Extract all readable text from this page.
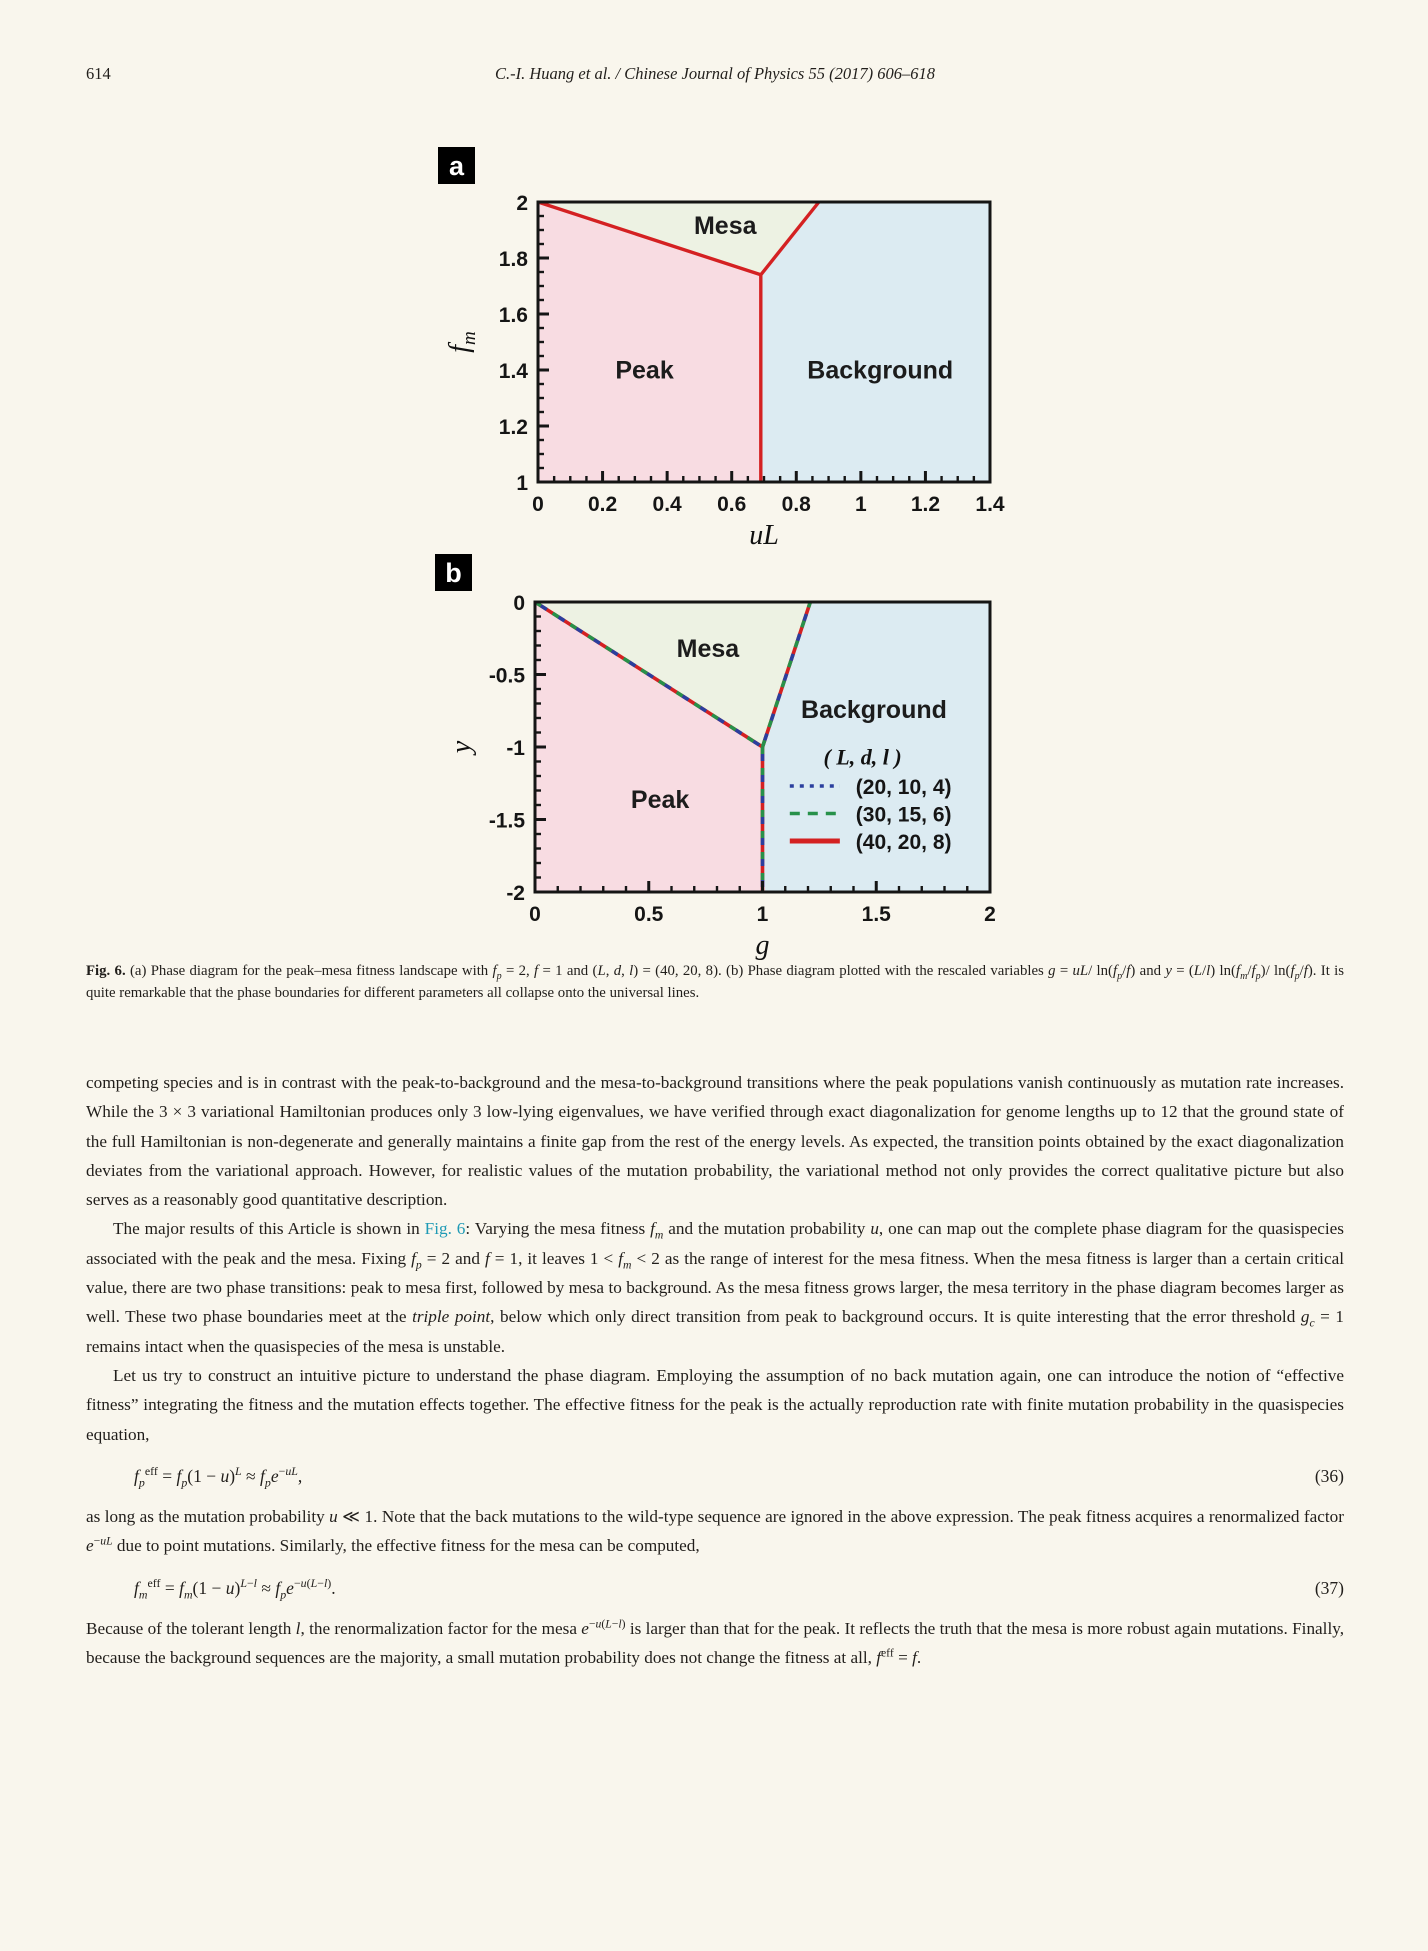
614	C.-I. Huang et al. / Chinese Journal of Physics 55 (2017) 606–618
0 0.2 0.4 0.6 0.8 1 1.2 1.4
1
1.2
1.4
1.6
1.8
2
uL
$f_m$
Peak
Mesa
Background
a
0	0.5	1	1.5	2
0
-0.5
-1
-1.5
-2
g
y
Peak
Mesa
Background
b
( L, d, l )
(20, 10, 4)
(30, 15, 6)
(40, 20, 8)
Fig. 6. (a) Phase diagram for the peak–mesa fitness landscape with $f_p = 2$, f = 1 and (L, d, l) = (40, 20, 8). (b) Phase diagram plotted with the rescaled variables g = uL/ $\ln(f_p/f)$ and y = (L/l) $\ln(f_m/f_p)/$ $\ln(f_p/f)$. It is quite remarkable that the phase boundaries for different parameters all collapse onto the universal lines.

competing species and is in contrast with the peak-to-background and the mesa-to-background transitions where the peak populations vanish continuously as mutation rate increases. While the 3 × 3 variational Hamiltonian produces only 3 low-lying eigenvalues, we have verified through exact diagonalization for genome lengths up to 12 that the ground state of the full Hamiltonian is non-degenerate and generally maintains a finite gap from the rest of the energy levels. As expected, the transition points obtained by the exact diagonalization deviates from the variational approach. However, for realistic values of the mutation probability, the variational method not only provides the correct qualitative picture but also serves as a reasonably good quantitative description.

The major results of this Article is shown in Fig. 6: Varying the mesa fitness $f_m$ and the mutation probability u, one can map out the complete phase diagram for the quasispecies associated with the peak and the mesa. Fixing $f_p = 2$ and f = 1, it leaves $1 < f_m < 2$ as the range of interest for the mesa fitness. When the mesa fitness is larger than a certain critical value, there are two phase transitions: peak to mesa first, followed by mesa to background. As the mesa fitness grows larger, the mesa territory in the phase diagram becomes larger as well. These two phase boundaries meet at the triple point, below which only direct transition from peak to background occurs. It is quite interesting that the error threshold $g_c = 1$ remains intact when the quasispecies of the mesa is unstable.

Let us try to construct an intuitive picture to understand the phase diagram. Employing the assumption of no back mutation again, one can introduce the notion of “effective fitness” integrating the fitness and the mutation effects together. The effective fitness for the peak is the actually reproduction rate with finite mutation probability in the quasispecies equation,

$f_p^{eff} = f_p(1 - u)^L \approx f_pe^{-uL}$,	(36)

as long as the mutation probability u ≪ 1. Note that the back mutations to the wild-type sequence are ignored in the above expression. The peak fitness acquires a renormalized factor $e^{-uL}$ due to point mutations. Similarly, the effective fitness for the mesa can be computed,

$f_m^{eff} = f_m(1 - u)^{L-l} \approx f_pe^{-u(L-l)}$.	(37)

Because of the tolerant length l, the renormalization factor for the mesa $e^{-u(L-l)}$ is larger than that for the peak. It reflects the truth that the mesa is more robust again mutations. Finally, because the background sequences are the majority, a small mutation probability does not change the fitness at all, $f^{eff} = f$.
